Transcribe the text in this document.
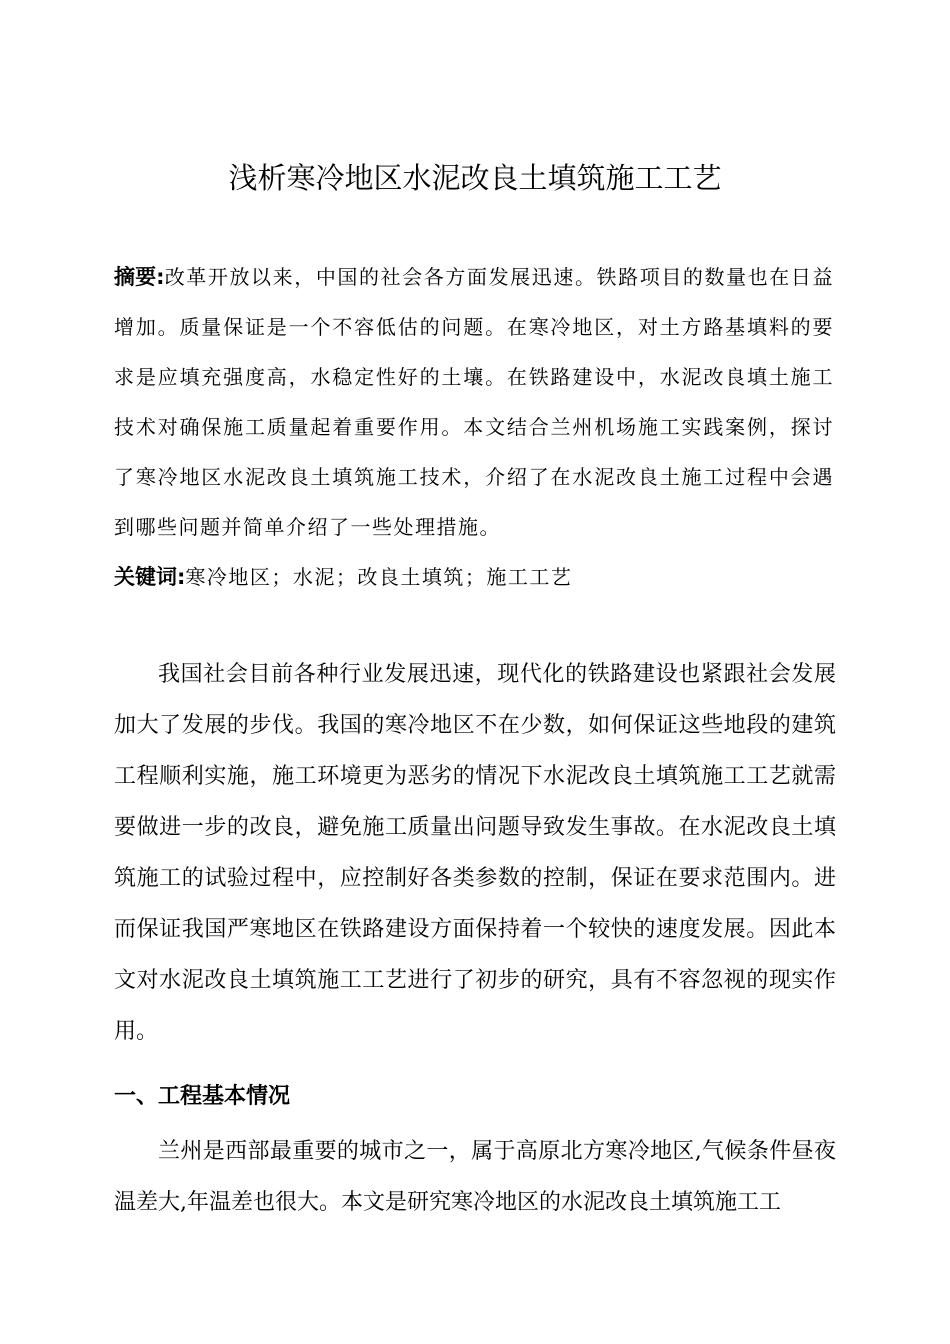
浅析寒冷地区水泥改良土填筑施工工艺

摘要:改革开放以来，中国的社会各方面发展迅速。铁路项目的数量也在日益增加。质量保证是一个不容低估的问题。在寒冷地区，对土方路基填料的要求是应填充强度高，水稳定性好的土壤。在铁路建设中，水泥改良填土施工技术对确保施工质量起着重要作用。本文结合兰州机场施工实践案例，探讨了寒冷地区水泥改良土填筑施工技术，介绍了在水泥改良土施工过程中会遇到哪些问题并简单介绍了一些处理措施。

关键词:寒冷地区；水泥；改良土填筑；施工工艺

我国社会目前各种行业发展迅速，现代化的铁路建设也紧跟社会发展加大了发展的步伐。我国的寒冷地区不在少数，如何保证这些地段的建筑工程顺利实施，施工环境更为恶劣的情况下水泥改良土填筑施工工艺就需要做进一步的改良，避免施工质量出问题导致发生事故。在水泥改良土填筑施工的试验过程中，应控制好各类参数的控制，保证在要求范围内。进而保证我国严寒地区在铁路建设方面保持着一个较快的速度发展。因此本文对水泥改良土填筑施工工艺进行了初步的研究，具有不容忽视的现实作用。

一、工程基本情况

兰州是西部最重要的城市之一，属于高原北方寒冷地区,气候条件昼夜温差大,年温差也很大。本文是研究寒冷地区的水泥改良土填筑施工工
